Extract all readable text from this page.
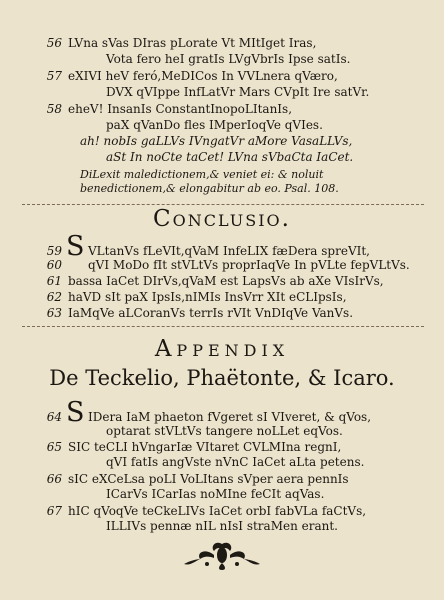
56 LVna sVas DIras pLorate Vt MItIget Iras,
Vota fero heI gratIs LVgVbrIs Ipse satIs.
57 eXIVI heV feró,MeDICos In VVLnera qVæro,
DVX qVIppe InfLatVr Mars CVpIt Ire satVr.
58 eheV! InsanIs ConstantInopoLItanIs,
paX qVanDo fles IMperIoqVe qVIes.
ah! nobIs gaLLVs IVngatVr aMore VasaLLVs,
aSt In noCte taCet! LVna sVbaCta IaCet.
DiLexit maledictionem,& veniet ei: & noluit benedictionem,& elongabitur ab eo. Psal. 108.
Conclusio.
59 S VLtanVs fLeVIt,qVaM InfeLIX fæDera spreVIt,
60 qVI MoDo fIt stVLtVs proprIaqVe In pVLte fepVLtVs.
61 bassa IaCet DIrVs,qVaM est LapsVs ab aXe VIsIrVs,
62 haVD sIt paX IpsIs,nIMIs InsVrr XIt eCLIpsIs,
63 IaMqVe aLCoranVs terrIs rVIt VnDIqVe VanVs.
Appendix
De Teckelio, Phaëtonte, & Icaro.
64 S IDera IaM phaeton fVgeret sI VIveret, & qVos,
optarat stVLtVs tangere noLLet eqVos.
65 SIC teCLI hVngarIæ VItaret CVLMIna regnI,
qVI fatIs angVste nVnC IaCet aLta petens.
66 sIC eXCeLsa poLI VoLItans sVper aera pennIs
ICarVs ICarIas noMIne feCIt aqVas.
67 hIC qVoqVe teCkeLIVs IaCet orbI fabVLa faCtVs,
ILLIVs pennæ nIL nIsI straMen erant.
